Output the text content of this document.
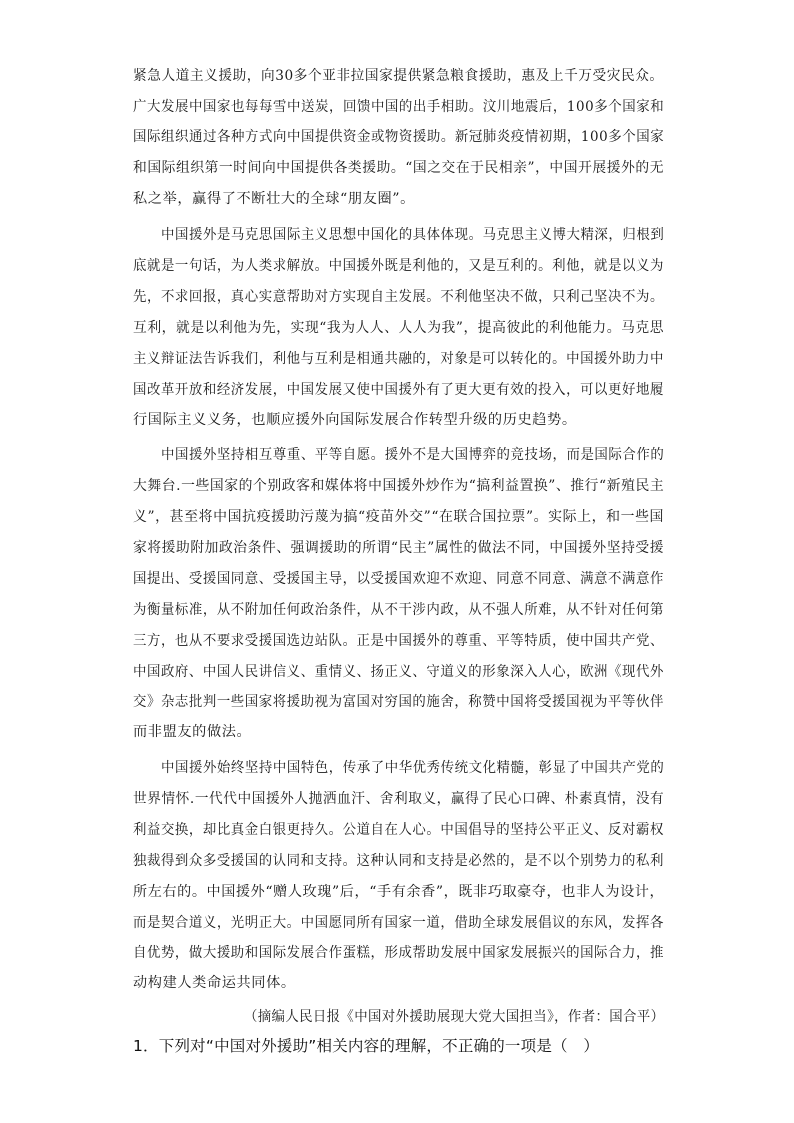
紧急人道主义援助，向30多个亚非拉国家提供紧急粮食援助，惠及上千万受灾民众。
广大发展中国家也每每雪中送炭，回馈中国的出手相助。汶川地震后，100多个国家和
国际组织通过各种方式向中国提供资金或物资援助。新冠肺炎疫情初期，100多个国家
和国际组织第一时间向中国提供各类援助。“国之交在于民相亲”，中国开展援外的无
私之举，赢得了不断壮大的全球“朋友圈”。
中国援外是马克思国际主义思想中国化的具体体现。马克思主义博大精深，归根到
底就是一句话，为人类求解放。中国援外既是利他的，又是互利的。利他，就是以义为
先，不求回报，真心实意帮助对方实现自主发展。不利他坚决不做，只利己坚决不为。
互利，就是以利他为先，实现“我为人人、人人为我”，提高彼此的利他能力。马克思
主义辩证法告诉我们，利他与互利是相通共融的，对象是可以转化的。中国援外助力中
国改革开放和经济发展，中国发展又使中国援外有了更大更有效的投入，可以更好地履
行国际主义义务，也顺应援外向国际发展合作转型升级的历史趋势。
中国援外坚持相互尊重、平等自愿。援外不是大国博弈的竞技场，而是国际合作的
大舞台.一些国家的个别政客和媒体将中国援外炒作为“搞利益置换”、推行“新殖民主
义”，甚至将中国抗疫援助污蔑为搞“疫苗外交”“在联合国拉票”。实际上，和一些国
家将援助附加政治条件、强调援助的所谓“民主”属性的做法不同，中国援外坚持受援
国提出、受援国同意、受援国主导，以受援国欢迎不欢迎、同意不同意、满意不满意作
为衡量标准，从不附加任何政治条件，从不干涉内政，从不强人所难，从不针对任何第
三方，也从不要求受援国选边站队。正是中国援外的尊重、平等特质，使中国共产党、
中国政府、中国人民讲信义、重情义、扬正义、守道义的形象深入人心，欧洲《现代外
交》杂志批判一些国家将援助视为富国对穷国的施舍，称赞中国将受援国视为平等伙伴
而非盟友的做法。
中国援外始终坚持中国特色，传承了中华优秀传统文化精髓，彰显了中国共产党的
世界情怀.一代代中国援外人抛洒血汗、舍利取义，赢得了民心口碑、朴素真情，没有
利益交换，却比真金白银更持久。公道自在人心。中国倡导的坚持公平正义、反对霸权
独裁得到众多受援国的认同和支持。这种认同和支持是必然的，是不以个别势力的私利
所左右的。中国援外“赠人玫瑰”后，“手有余香”，既非巧取豪夺，也非人为设计，
而是契合道义，光明正大。中国愿同所有国家一道，借助全球发展倡议的东风，发挥各
自优势，做大援助和国际发展合作蛋糕，形成帮助发展中国家发展振兴的国际合力，推
动构建人类命运共同体。
（摘编人民日报《中国对外援助展现大党大国担当》，作者：国合平）
1．下列对“中国对外援助”相关内容的理解，不正确的一项是（　）
